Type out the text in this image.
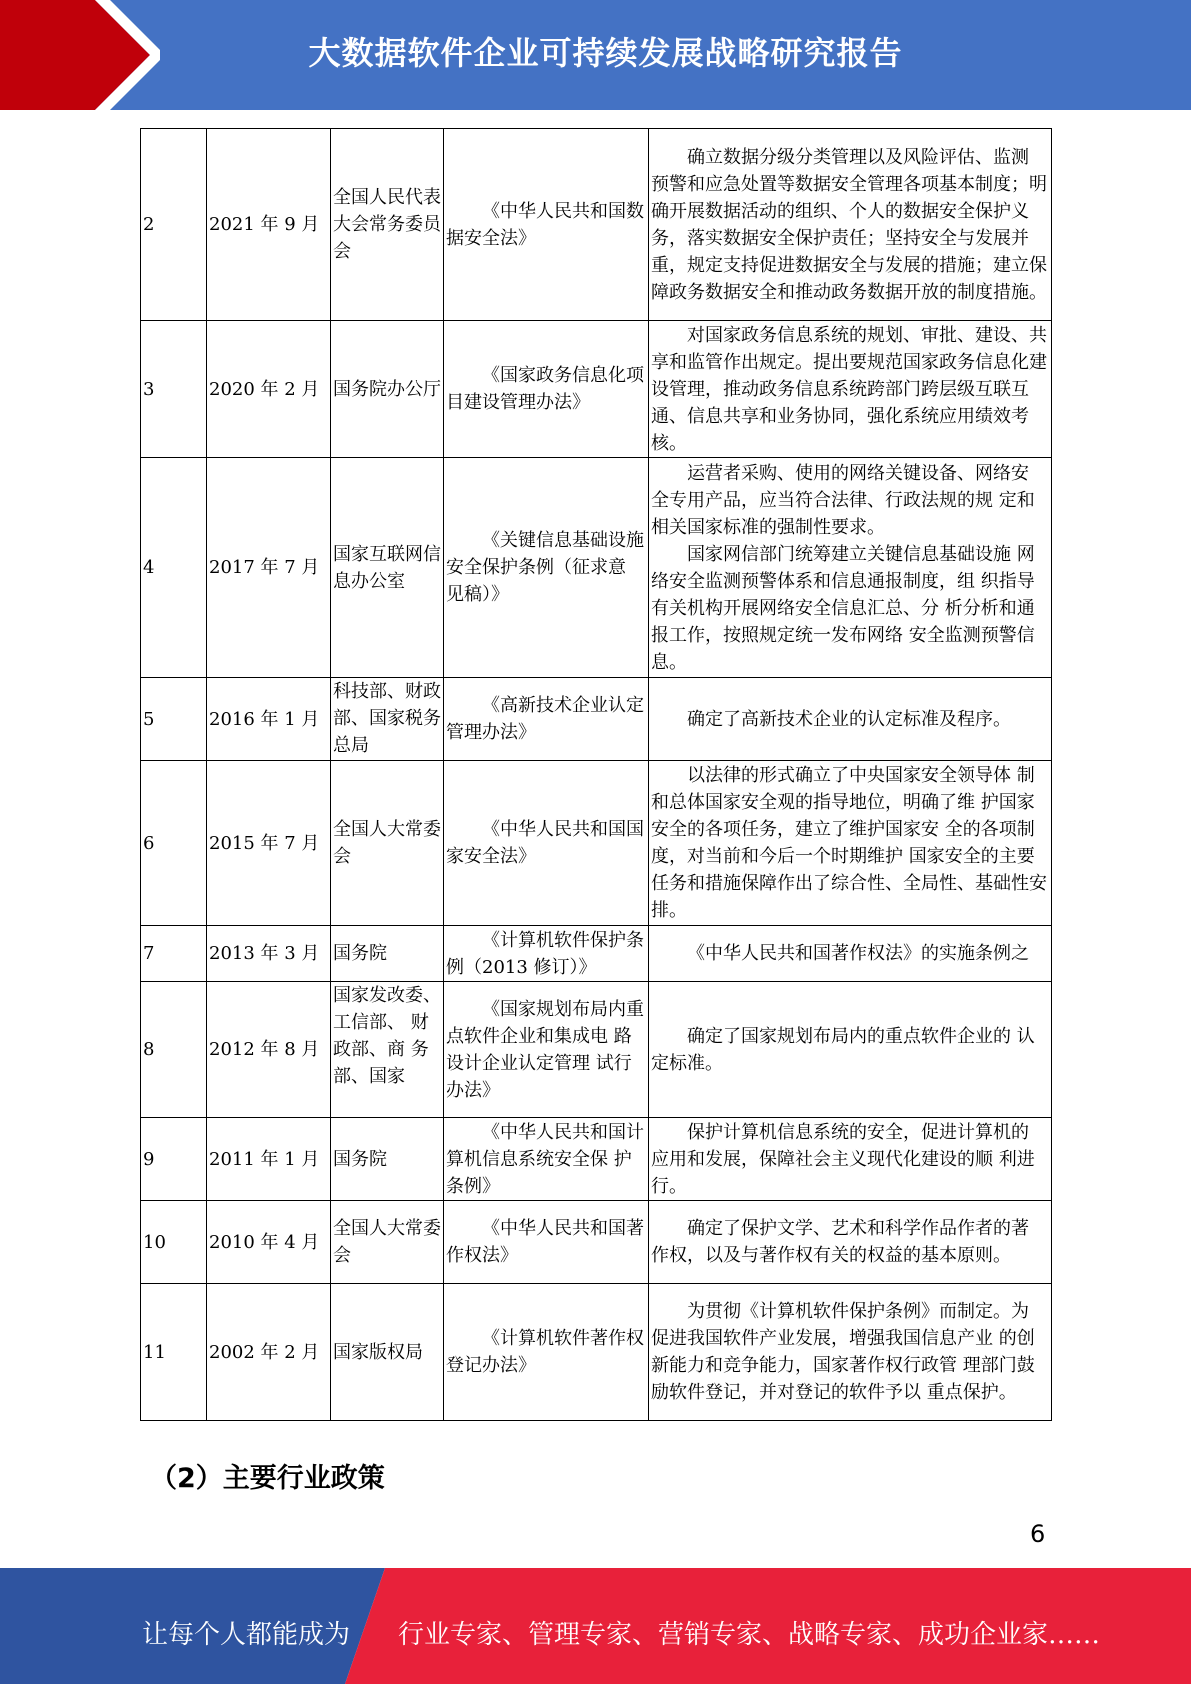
大数据软件企业可持续发展战略研究报告
2	2021 年 9 月	全国人民代表大会常务委员会	《中华人民共和国数 据安全法》	确立数据分级分类管理以及风险评估、监测 预警和应急处置等数据安全管理各项基本制度；明确开展数据活动的组织、个人的数据安全保护义务，落实数据安全保护责任；坚持安全与发展并重，规定支持促进数据安全与发展的措施；建立保障政务数据安全和推动政务数据开放的制度措施。
3	2020 年 2 月	国务院办公厅	《国家政务信息化项 目建设管理办法》	对国家政务信息系统的规划、审批、建设、共享和监管作出规定。提出要规范国家政务信息化建设管理，推动政务信息系统跨部门跨层级互联互通、信息共享和业务协同，强化系统应用绩效考核。
4	2017 年 7 月	国家互联网信息办公室	《关键信息基础设施 安全保护条例（征求意 见稿）》	运营者采购、使用的网络关键设备、网络安 全专用产品，应当符合法律、行政法规的规 定和相关国家标准的强制性要求。
国家网信部门统筹建立关键信息基础设施 网络安全监测预警体系和信息通报制度，组 织指导有关机构开展网络安全信息汇总、分 析分析和通报工作，按照规定统一发布网络 安全监测预警信息。

5	2016 年 1 月	科技部、财政部、国家税务总局	《高新技术企业认定 管理办法》	确定了高新技术企业的认定标准及程序。
6	2015 年 7 月	全国人大常委会	《中华人民共和国国 家安全法》	以法律的形式确立了中央国家安全领导体 制和总体国家安全观的指导地位，明确了维 护国家安全的各项任务，建立了维护国家安 全的各项制度，对当前和今后一个时期维护 国家安全的主要任务和措施保障作出了综合性、全局性、基础性安排。
7	2013 年 3 月	国务院	《计算机软件保护条 例（2013 修订）》	《中华人民共和国著作权法》的实施条例之
8	2012 年 8 月	国家发改委、工信部、 财政部、商 务部、国家	《国家规划布局内重 点软件企业和集成电 路设计企业认定管理 试行办法》	确定了国家规划布局内的重点软件企业的 认定标准。
9	2011 年 1 月	国务院	《中华人民共和国计 算机信息系统安全保 护条例》	保护计算机信息系统的安全，促进计算机的 应用和发展，保障社会主义现代化建设的顺 利进行。
10	2010 年 4 月	全国人大常委会	《中华人民共和国著 作权法》	确定了保护文学、艺术和科学作品作者的著 作权，以及与著作权有关的权益的基本原则。
11	2002 年 2 月	国家版权局	《计算机软件著作权 登记办法》	为贯彻《计算机软件保护条例》而制定。为 促进我国软件产业发展，增强我国信息产业 的创新能力和竞争能力，国家著作权行政管 理部门鼓励软件登记，并对登记的软件予以 重点保护。
（2）主要行业政策
6
让每个人都能成为 行业专家、管理专家、营销专家、战略专家、成功企业家……
